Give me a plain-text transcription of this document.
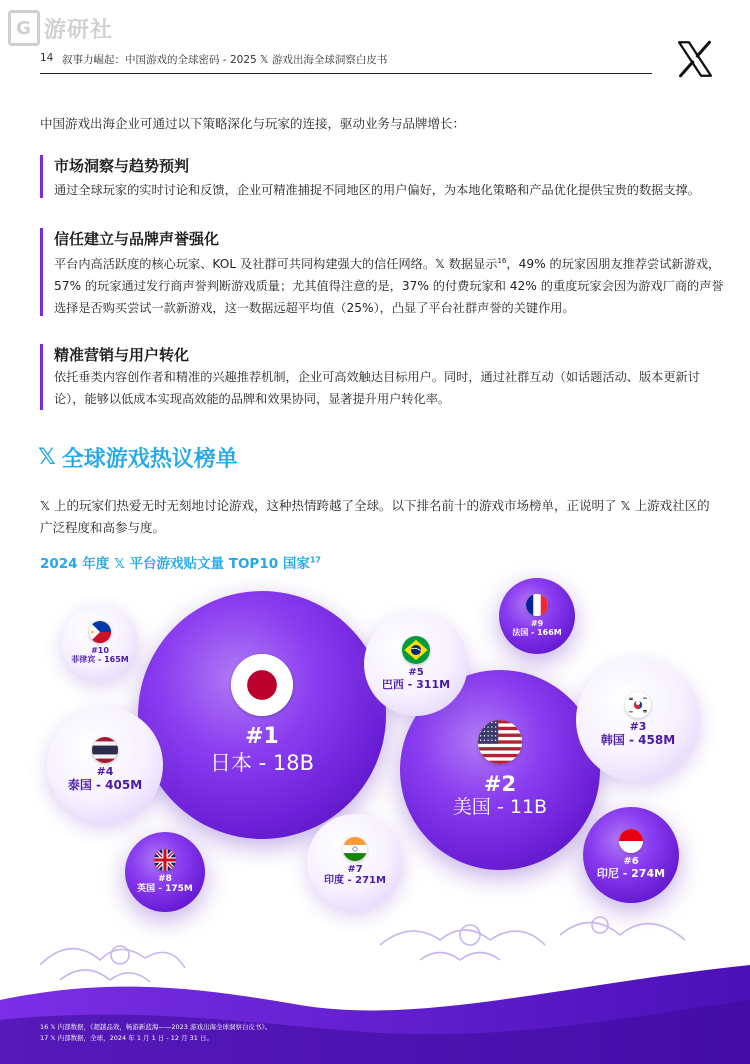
G 游研社
14 叙事力崛起：中国游戏的全球密码 - 2025 𝕏 游戏出海全球洞察白皮书
中国游戏出海企业可通过以下策略深化与玩家的连接，驱动业务与品牌增长：
市场洞察与趋势预判

通过全球玩家的实时讨论和反馈，企业可精准捕捉不同地区的用户偏好，为本地化策略和产品优化提供宝贵的数据支撑。

信任建立与品牌声誉强化

平台内高活跃度的核心玩家、KOL 及社群可共同构建强大的信任网络。𝕏 数据显示$^{16}$，49% 的玩家因朋友推荐尝试新游戏，57% 的玩家通过发行商声誉判断游戏质量；尤其值得注意的是，37% 的付费玩家和 42% 的重度玩家会因为游戏厂商的声誉选择是否购买尝试一款新游戏，这一数据远超平均值（25%），凸显了平台社群声誉的关键作用。

精准营销与用户转化

依托垂类内容创作者和精准的兴趣推荐机制，企业可高效触达目标用户。同时，通过社群互动（如话题活动、版本更新讨论），能够以低成本实现高效能的品牌和效果协同，显著提升用户转化率。

𝕏 全球游戏热议榜单
𝕏 上的玩家们热爱无时无刻地讨论游戏，这种热情跨越了全球。以下排名前十的游戏市场榜单，正说明了 𝕏 上游戏社区的广泛程度和高参与度。
2024 年度 𝕏 平台游戏贴文量 TOP10 国家$^{17}$
#1
日本 - 18B
#2
美国 - 11B
#3
韩国 - 458M
#4
泰国 - 405M
#5
巴西 - 311M
#6
印尼 - 274M
#7
印度 - 271M
#8
英国 - 175M
#9
法国 - 166M
#10
菲律宾 - 165M
16 𝕏 内部数据，《超越品效，畅游新蓝海——2023 游戏出海全球洞察白皮书》。
17 𝕏 内部数据，全球，2024 年 1 月 1 日 - 12 月 31 日。
